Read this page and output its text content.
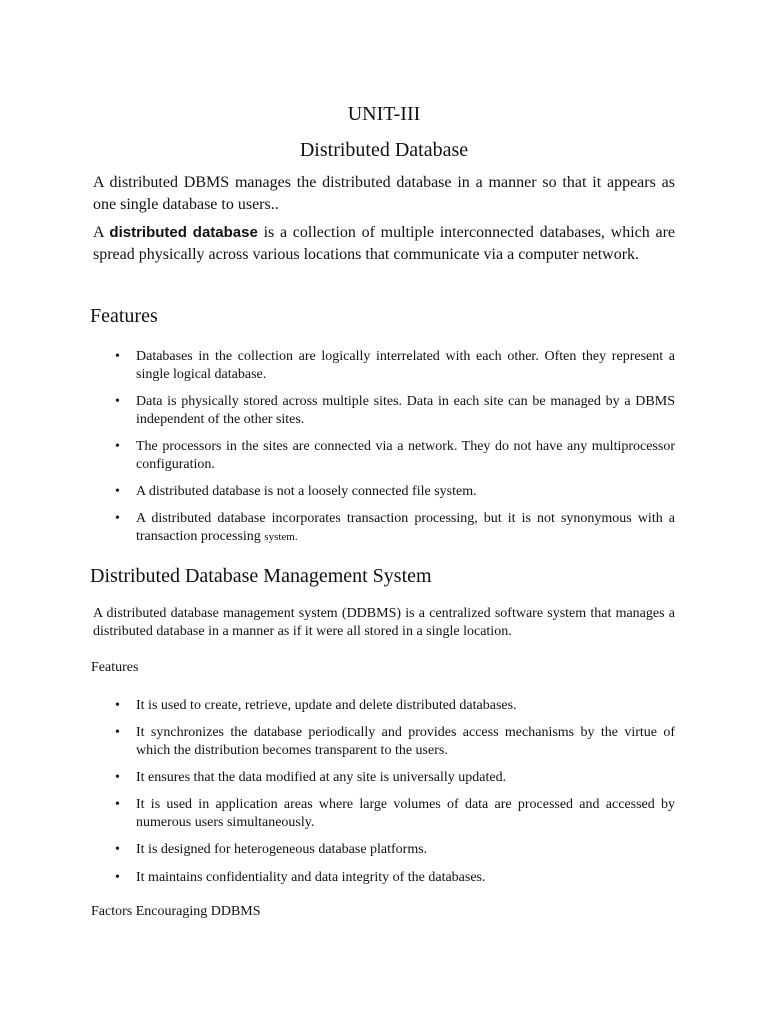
UNIT-III
Distributed Database

A distributed DBMS manages the distributed database in a manner so that it appears as one single database to users..

A distributed database is a collection of multiple interconnected databases, which are spread physically across various locations that communicate via a computer network.

Features
•	Databases in the collection are logically interrelated with each other. Often they represent a single logical database.
•	Data is physically stored across multiple sites. Data in each site can be managed by a DBMS independent of the other sites.
•	The processors in the sites are connected via a network. They do not have any multiprocessor configuration.
•	A distributed database is not a loosely connected file system.
•	A distributed database incorporates transaction processing, but it is not synonymous with a transaction processing system.
Distributed Database Management System

A distributed database management system (DDBMS) is a centralized software system that manages a distributed database in a manner as if it were all stored in a single location.

Features
•	It is used to create, retrieve, update and delete distributed databases.
•	It synchronizes the database periodically and provides access mechanisms by the virtue of which the distribution becomes transparent to the users.
•	It ensures that the data modified at any site is universally updated.
•	It is used in application areas where large volumes of data are processed and accessed by numerous users simultaneously.
•	It is designed for heterogeneous database platforms.
•	It maintains confidentiality and data integrity of the databases.
Factors Encouraging DDBMS
